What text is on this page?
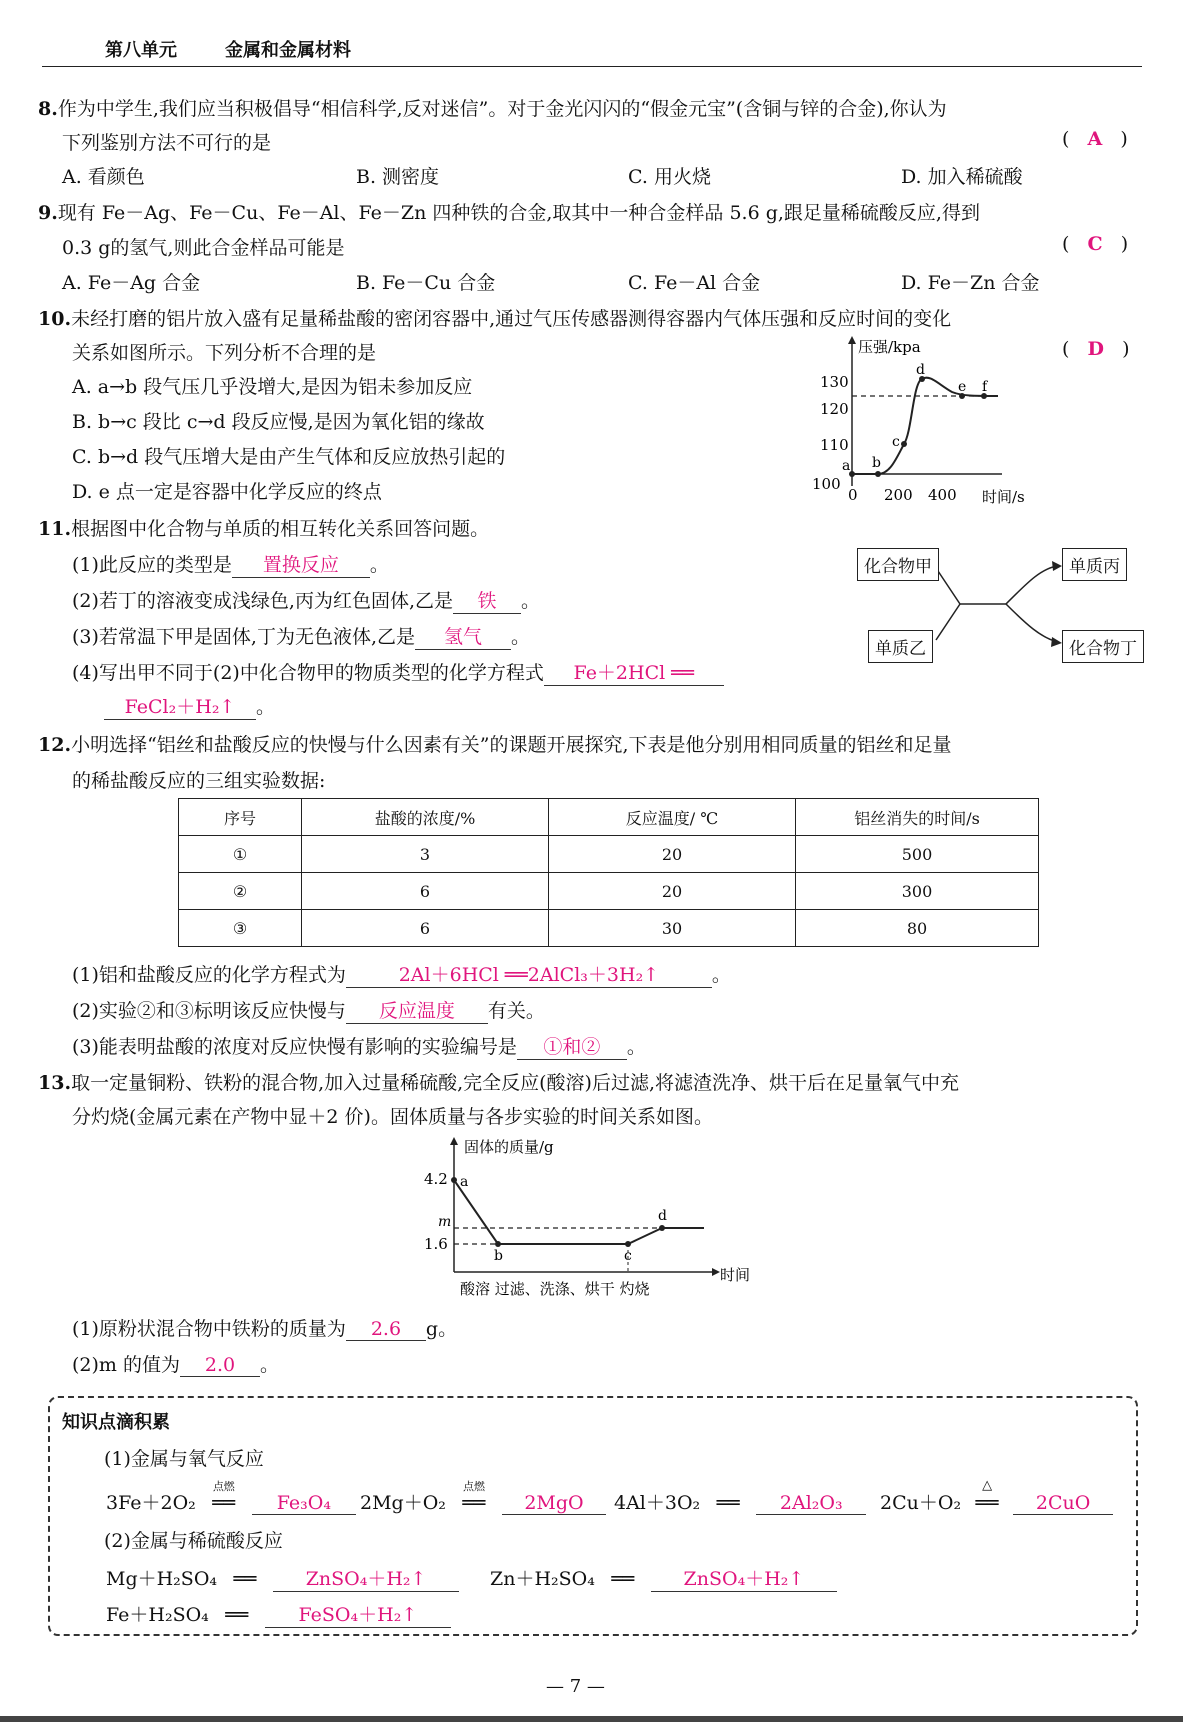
第八单元	金属和金属材料
8.作为中学生,我们应当积极倡导“相信科学,反对迷信”。对于金光闪闪的“假金元宝”(含铜与锌的合金),你认为
下列鉴别方法不可行的是	(   A   )
A. 看颜色	B. 测密度	C. 用火烧	D. 加入稀硫酸
9.现有 Fe－Ag、Fe－Cu、Fe－Al、Fe－Zn 四种铁的合金,取其中一种合金样品 5.6 g,跟足量稀硫酸反应,得到
0.3 g的氢气,则此合金样品可能是	(   C   )
A. Fe－Ag 合金	B. Fe－Cu 合金	C. Fe－Al 合金	D. Fe－Zn 合金
10.未经打磨的铝片放入盛有足量稀盐酸的密闭容器中,通过气压传感器测得容器内气体压强和反应时间的变化
关系如图所示。下列分析不合理的是	(   D   )
A. a→b 段气压几乎没增大,是因为铝未参加反应
B. b→c 段比 c→d 段反应慢,是因为氧化铝的缘故
C. b→d 段气压增大是由产生气体和反应放热引起的
D. e 点一定是容器中化学反应的终点
压强/kpa
时间/s
130
120
110
100
0 200 400
a b
c
d
e f
11.根据图中化合物与单质的相互转化关系回答问题。
(1)此反应的类型是 置换反应 。
(2)若丁的溶液变成浅绿色,丙为红色固体,乙是 铁 。
(3)若常温下甲是固体,丁为无色液体,乙是 氢气 。
(4)写出甲不同于(2)中化合物甲的物质类型的化学方程式 Fe＋2HCl ══
FeCl₂＋H₂↑ 。
化合物甲
单质乙
单质丙
化合物丁
12.小明选择“铝丝和盐酸反应的快慢与什么因素有关”的课题开展探究,下表是他分别用相同质量的铝丝和足量
的稀盐酸反应的三组实验数据:
序号	盐酸的浓度/%	反应温度/ ℃	铝丝消失的时间/s
①	3	20	500
②	6	20	300
③	6	30	80
(1)铝和盐酸反应的化学方程式为	2Al＋6HCl ══2AlCl₃＋3H₂↑	。
(2)实验②和③标明该反应快慢与 反应温度 有关。
(3)能表明盐酸的浓度对反应快慢有影响的实验编号是 ①和② 。
13.取一定量铜粉、铁粉的混合物,加入过量稀硫酸,完全反应(酸溶)后过滤,将滤渣洗净、烘干后在足量氧气中充
分灼烧(金属元素在产物中显＋2 价)。固体质量与各步实验的时间关系如图。
固体的质量/g
时间
4.2
m
1.6
酸溶 过滤、洗涤、烘干 灼烧
a
b	c
d
(1)原粉状混合物中铁粉的质量为 2.6 g。
(2)m 的值为 2.0 。
知识点滴积累
(1)金属与氧气反应
3Fe＋2O₂
点燃
══ Fe₃O₄	2Mg＋O₂
点燃
══ 2MgO	4Al＋3O₂ ══ 2Al₂O₃	2Cu＋O₂
△
══ 2CuO
(2)金属与稀硫酸反应
Mg＋H₂SO₄ ══	ZnSO₄＋H₂↑	Zn＋H₂SO₄ ══	ZnSO₄＋H₂↑
Fe＋H₂SO₄ ══	FeSO₄＋H₂↑
— 7 —
